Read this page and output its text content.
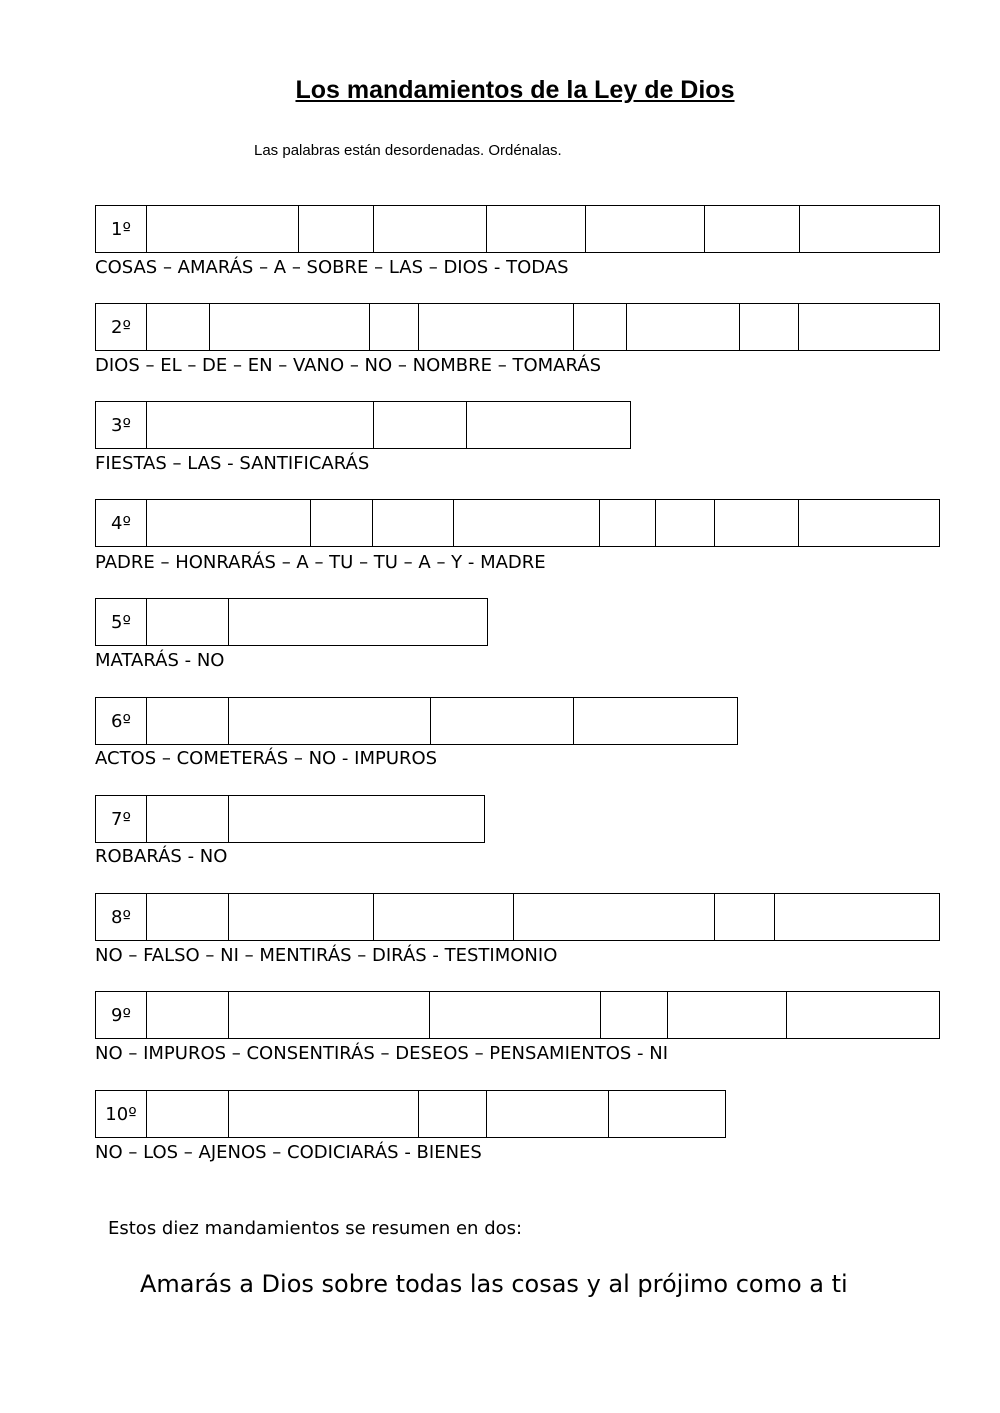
Los mandamientos de la Ley de Dios
Las palabras están desordenadas. Ordénalas.
1º
COSAS – AMARÁS – A – SOBRE – LAS – DIOS - TODAS
2º
DIOS – EL – DE – EN – VANO – NO – NOMBRE – TOMARÁS
3º
FIESTAS – LAS - SANTIFICARÁS
4º
PADRE – HONRARÁS – A – TU – TU – A – Y - MADRE
5º
MATARÁS - NO
6º
ACTOS – COMETERÁS – NO - IMPUROS
7º
ROBARÁS - NO
8º
NO – FALSO – NI – MENTIRÁS – DIRÁS - TESTIMONIO
9º
NO – IMPUROS – CONSENTIRÁS – DESEOS – PENSAMIENTOS - NI
10º
NO – LOS – AJENOS – CODICIARÁS - BIENES
Estos diez mandamientos se resumen en dos:
Amarás a Dios sobre todas las cosas y al prójimo como a ti
